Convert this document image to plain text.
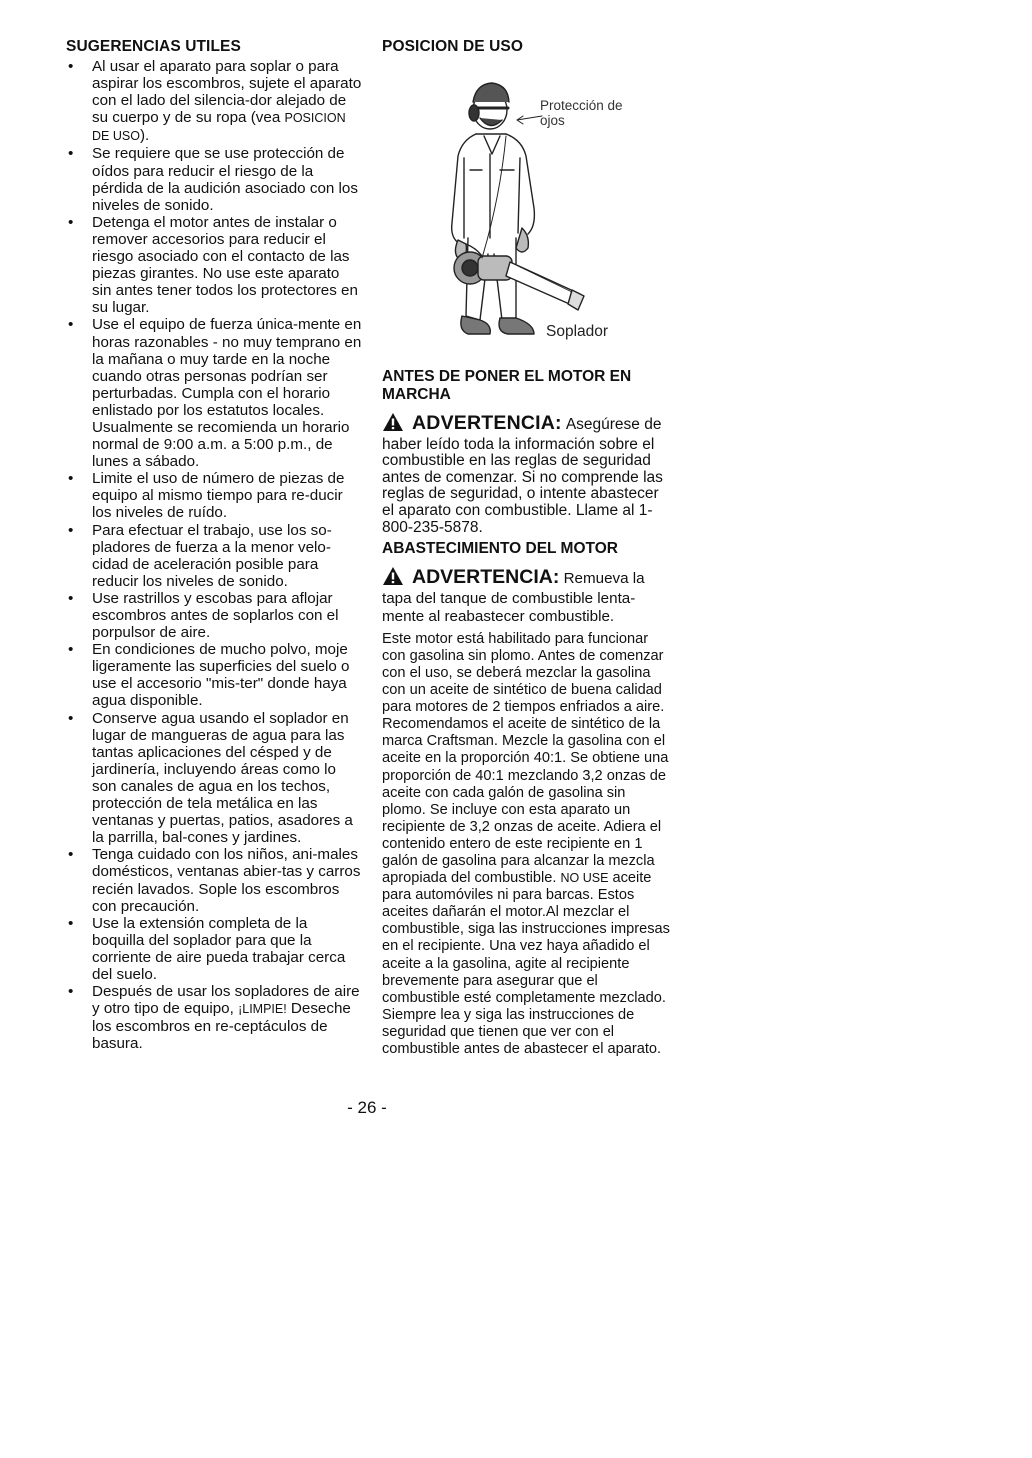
SUGERENCIAS UTILES
• Al usar el aparato para soplar o para aspirar los escombros, sujete el aparato con el lado del silencia-dor alejado de su cuerpo y de su ropa (vea POSICION DE USO).
• Se requiere que se use protección de oídos para reducir el riesgo de la pérdida de la audición asociado con los niveles de sonido.
• Detenga el motor antes de instalar o remover accesorios para reducir el riesgo asociado con el contacto de las piezas girantes. No use este aparato sin antes tener todos los protectores en su lugar.
• Use el equipo de fuerza única-mente en horas razonables - no muy temprano en la mañana o muy tarde en la noche cuando otras personas podrían ser perturbadas. Cumpla con el horario enlistado por los estatutos locales. Usualmente se recomienda un horario normal de 9:00 a.m. a 5:00 p.m., de lunes a sábado.
• Limite el uso de número de piezas de equipo al mismo tiempo para re-ducir los niveles de ruído.
• Para efectuar el trabajo, use los so-pladores de fuerza a la menor velo-cidad de aceleración posible para reducir los niveles de sonido.
• Use rastrillos y escobas para aflojar escombros antes de soplarlos con el porpulsor de aire.
• En condiciones de mucho polvo, moje ligeramente las superficies del suelo o use el accesorio "mis-ter" donde haya agua disponible.
• Conserve agua usando el soplador en lugar de mangueras de agua para las tantas aplicaciones del césped y de jardinería, incluyendo áreas como lo son canales de agua en los techos, protección de tela metálica en las ventanas y puertas, patios, asadores a la parrilla, bal-cones y jardines.
• Tenga cuidado con los niños, ani-males domésticos, ventanas abier-tas y carros recién lavados. Sople los escombros con precaución.
• Use la extensión completa de la boquilla del soplador para que la corriente de aire pueda trabajar cerca del suelo.
• Después de usar los sopladores de aire y otro tipo de equipo, ¡LIMPIE! Deseche los escombros en re-ceptáculos de basura.
POSICION DE USO
Protección de ojos
Soplador
ANTES DE PONER EL MOTOR EN MARCHA
ADVERTENCIA: Asegúrese de haber leído toda la información sobre el combustible en las reglas de seguridad antes de comenzar. Si no comprende las reglas de seguridad, o intente abastecer el aparato con combustible. Llame al 1-800-235-5878.
ABASTECIMIENTO DEL MOTOR
ADVERTENCIA: Remueva la tapa del tanque de combustible lenta-mente al reabastecer combustible.

Este motor está habilitado para funcionar con gasolina sin plomo. Antes de comenzar con el uso, se deberá mezclar la gasolina con un aceite de sintético de buena calidad para motores de 2 tiempos enfriados a aire. Recomendamos el aceite de sintético de la marca Craftsman. Mezcle la gasolina con el aceite en la proporción 40:1. Se obtiene una proporción de 40:1 mezclando 3,2 onzas de aceite con cada galón de gasolina sin plomo. Se incluye con esta aparato un recipiente de 3,2 onzas de aceite. Adiera el contenido entero de este recipiente en 1 galón de gasolina para alcanzar la mezcla apropiada del combustible. NO USE aceite para automóviles ni para barcas. Estos aceites dañarán el motor.Al mezclar el combustible, siga las instrucciones impresas en el recipiente. Una vez haya añadido el aceite a la gasolina, agite al recipiente brevemente para asegurar que el combustible esté completamente mezclado. Siempre lea y siga las instrucciones de seguridad que tienen que ver con el combustible antes de abastecer el aparato.

- 26 -
